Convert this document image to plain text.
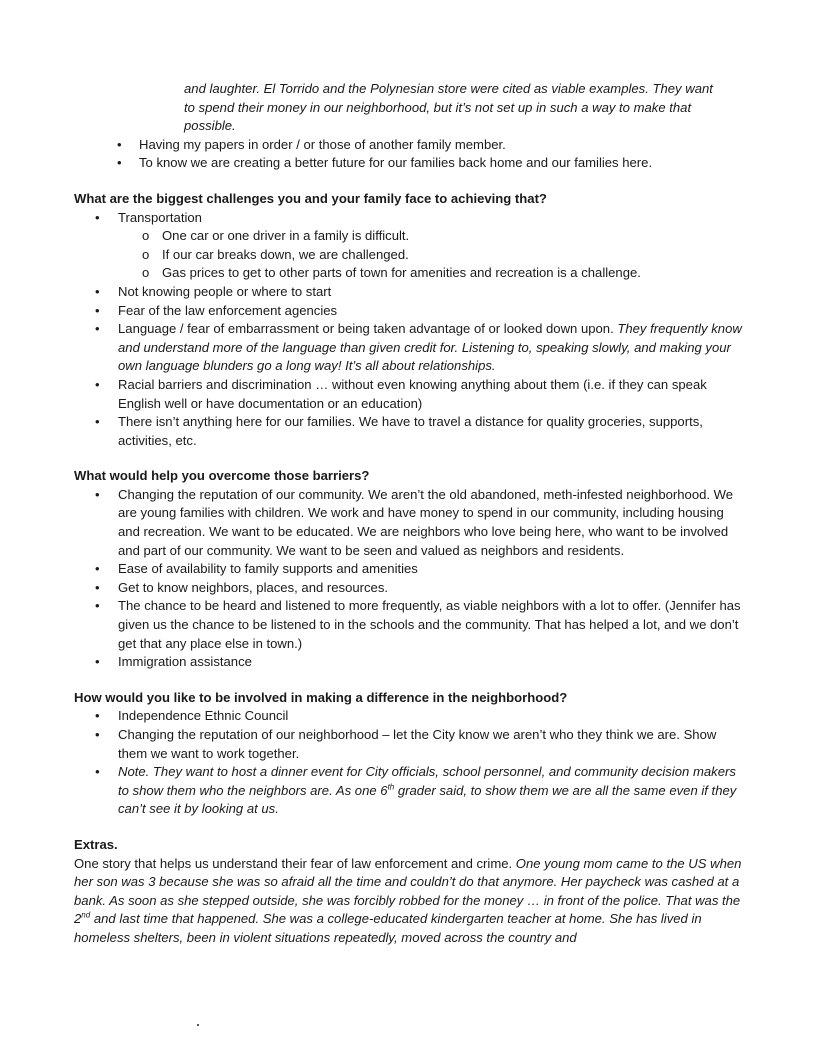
and laughter. El Torrido and the Polynesian store were cited as viable examples. They want
to spend their money in our neighborhood, but it’s not set up in such a way to make that
possible.
• Having my papers in order / or those of another family member.
• To know we are creating a better future for our families back home and our families here.
What are the biggest challenges you and your family face to achieving that?
• Transportation
o One car or one driver in a family is difficult.
o If our car breaks down, we are challenged.
o Gas prices to get to other parts of town for amenities and recreation is a challenge.
• Not knowing people or where to start
• Fear of the law enforcement agencies
• Language / fear of embarrassment or being taken advantage of or looked down upon. They frequently know and understand more of the language than given credit for. Listening to, speaking slowly, and making your own language blunders go a long way! It’s all about relationships.
• Racial barriers and discrimination … without even knowing anything about them (i.e. if they can speak English well or have documentation or an education)
• There isn’t anything here for our families. We have to travel a distance for quality groceries, supports, activities, etc.
What would help you overcome those barriers?
• Changing the reputation of our community. We aren’t the old abandoned, meth-infested neighborhood. We are young families with children. We work and have money to spend in our community, including housing and recreation. We want to be educated. We are neighbors who love being here, who want to be involved and part of our community. We want to be seen and valued as neighbors and residents.
• Ease of availability to family supports and amenities
• Get to know neighbors, places, and resources.
• The chance to be heard and listened to more frequently, as viable neighbors with a lot to offer. (Jennifer has given us the chance to be listened to in the schools and the community. That has helped a lot, and we don’t get that any place else in town.)
• Immigration assistance
How would you like to be involved in making a difference in the neighborhood?
• Independence Ethnic Council
• Changing the reputation of our neighborhood – let the City know we aren’t who they think we are. Show them we want to work together.
• Note. They want to host a dinner event for City officials, school personnel, and community decision makers to show them who the neighbors are. As one 6th grader said, to show them we are all the same even if they can’t see it by looking at us.
Extras.
One story that helps us understand their fear of law enforcement and crime. One young mom came to the US when her son was 3 because she was so afraid all the time and couldn’t do that anymore. Her paycheck was cashed at a bank. As soon as she stepped outside, she was forcibly robbed for the money … in front of the police. That was the 2nd and last time that happened. She was a college-educated kindergarten teacher at home. She has lived in homeless shelters, been in violent situations repeatedly, moved across the country and
